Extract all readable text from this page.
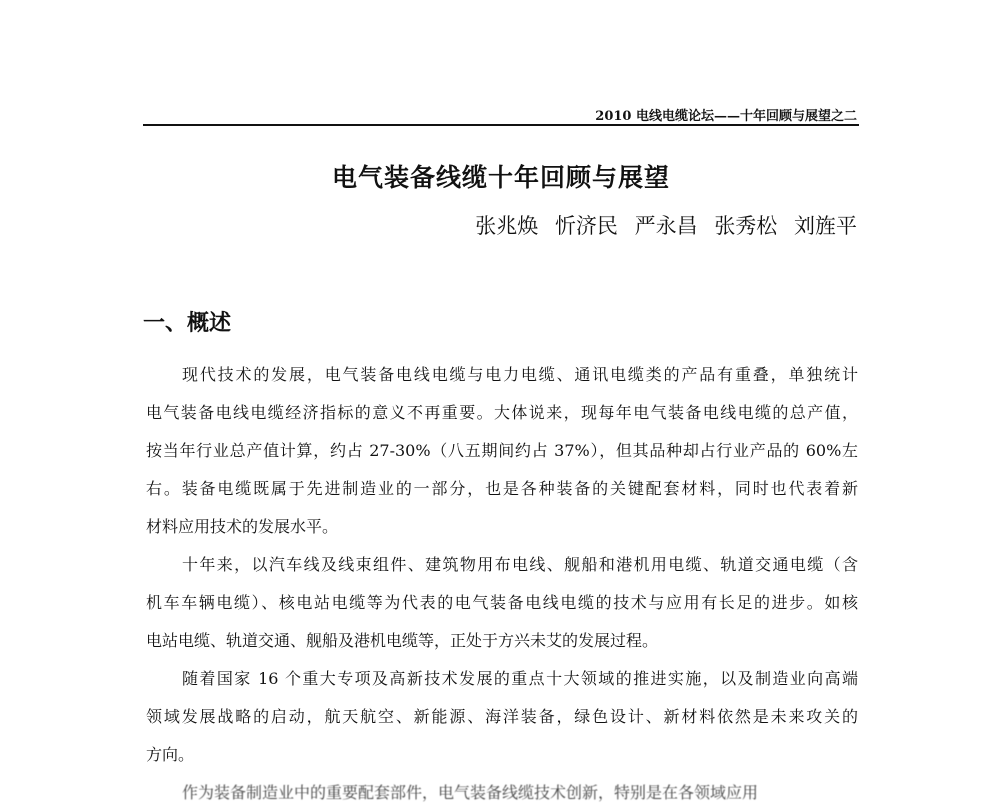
2010 电线电缆论坛——十年回顾与展望之二
电气装备线缆十年回顾与展望
张兆焕 忻济民 严永昌 张秀松 刘旌平
一、概述
现代技术的发展，电气装备电线电缆与电力电缆、通讯电缆类的产品有重叠，单独统计
电气装备电线电缆经济指标的意义不再重要。大体说来，现每年电气装备电线电缆的总产值，
按当年行业总产值计算，约占 27-30%（八五期间约占 37%），但其品种却占行业产品的 60%左
右。装备电缆既属于先进制造业的一部分，也是各种装备的关键配套材料，同时也代表着新
材料应用技术的发展水平。
十年来，以汽车线及线束组件、建筑物用布电线、舰船和港机用电缆、轨道交通电缆（含
机车车辆电缆）、核电站电缆等为代表的电气装备电线电缆的技术与应用有长足的进步。如核
电站电缆、轨道交通、舰船及港机电缆等，正处于方兴未艾的发展过程。
随着国家 16 个重大专项及高新技术发展的重点十大领域的推进实施，以及制造业向高端
领域发展战略的启动，航天航空、新能源、海洋装备，绿色设计、新材料依然是未来攻关的
方向。
作为装备制造业中的重要配套部件，电气装备线缆技术创新，特别是在各领域应用
